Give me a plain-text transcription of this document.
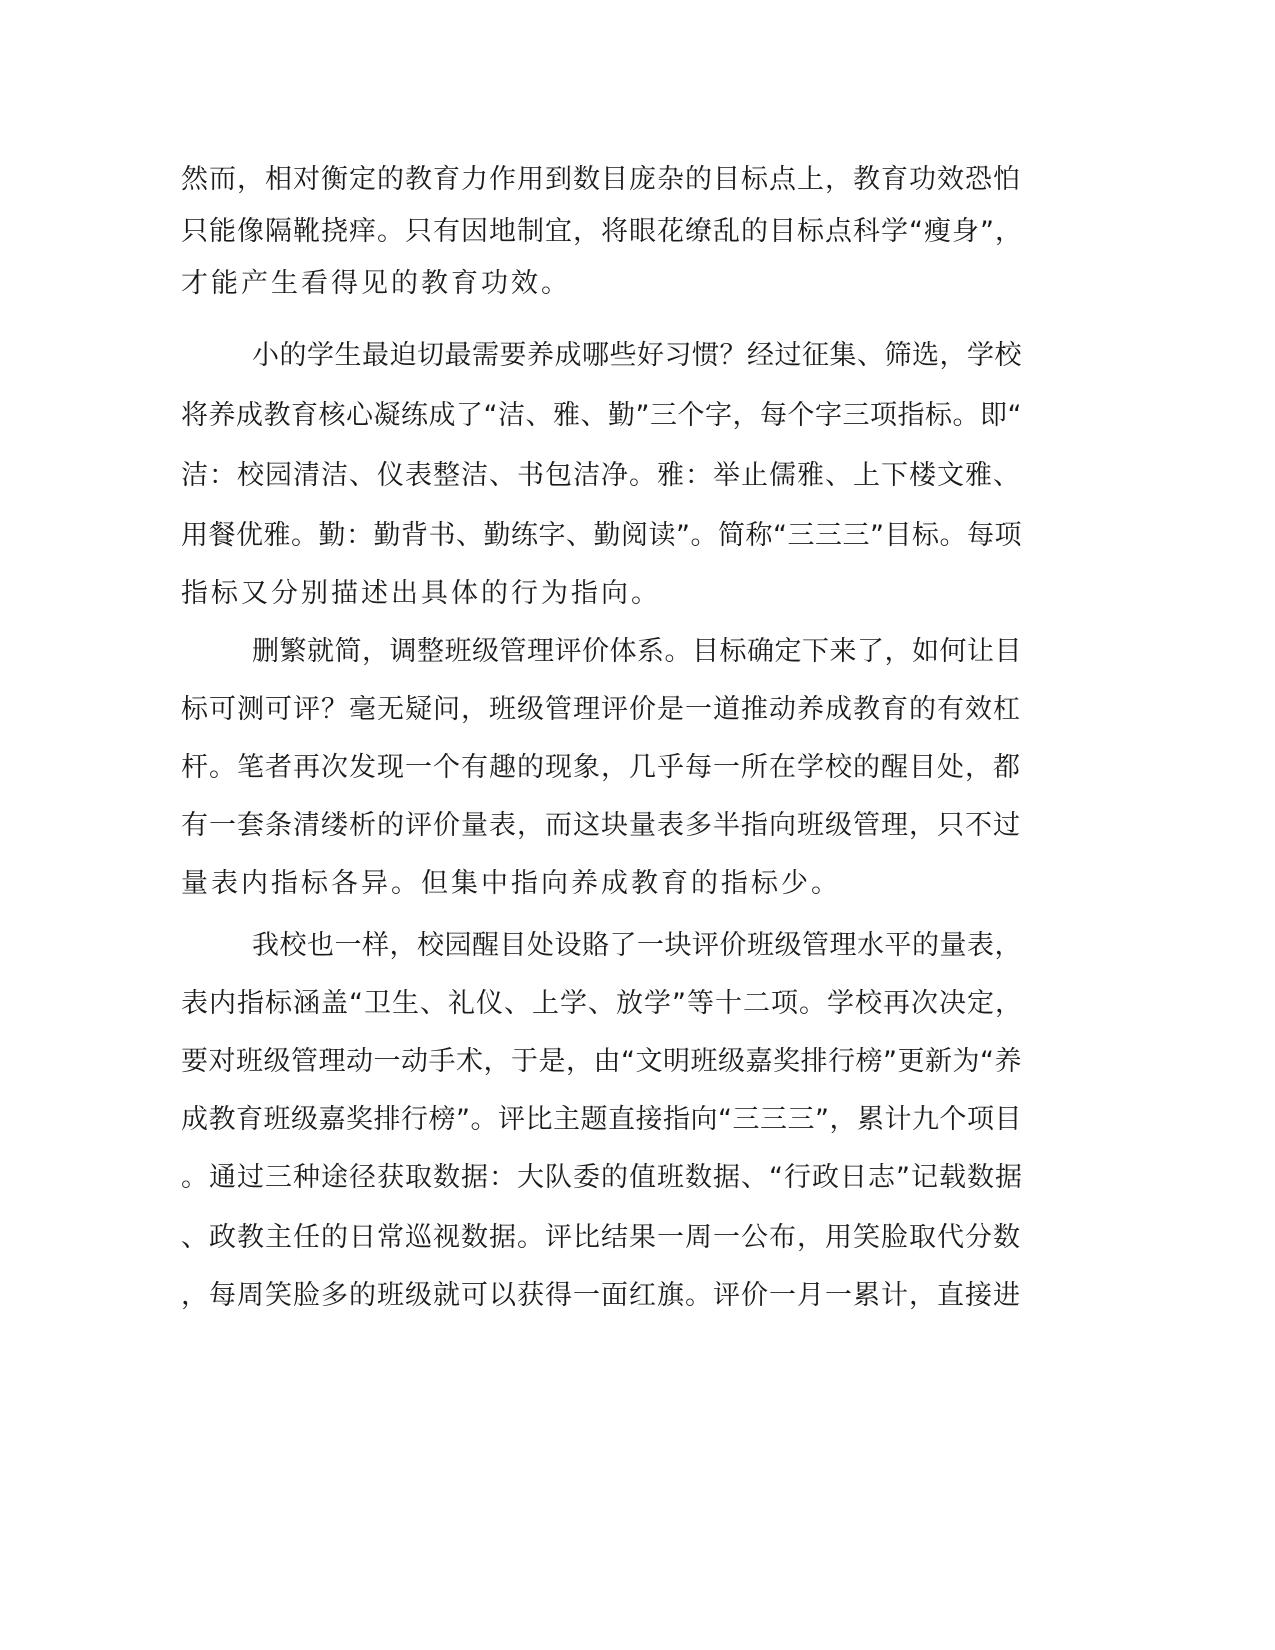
然而，相对衡定的教育力作用到数目庞杂的目标点上，教育功效恐怕
只能像隔靴挠痒。只有因地制宜，将眼花缭乱的目标点科学“瘦身”，
才能产生看得见的教育功效。
小的学生最迫切最需要养成哪些好习惯？经过征集、筛选，学校
将养成教育核心凝练成了“洁、雅、勤”三个字，每个字三项指标。即“
洁：校园清洁、仪表整洁、书包洁净。雅：举止儒雅、上下楼文雅、
用餐优雅。勤：勤背书、勤练字、勤阅读”。简称“三三三”目标。每项
指标又分别描述出具体的行为指向。
删繁就简，调整班级管理评价体系。目标确定下来了，如何让目
标可测可评？毫无疑问，班级管理评价是一道推动养成教育的有效杠
杆。笔者再次发现一个有趣的现象，几乎每一所在学校的醒目处，都
有一套条清缕析的评价量表，而这块量表多半指向班级管理，只不过
量表内指标各异。但集中指向养成教育的指标少。
我校也一样，校园醒目处设賂了一块评价班级管理水平的量表，
表内指标涵盖“卫生、礼仪、上学、放学”等十二项。学校再次决定，
要对班级管理动一动手术，于是，由“文明班级嘉奖排行榜”更新为“养
成教育班级嘉奖排行榜”。评比主题直接指向“三三三”，累计九个项目
。通过三种途径获取数据：大队委的值班数据、“行政日志”记载数据
、政教主任的日常巡视数据。评比结果一周一公布，用笑脸取代分数
，每周笑脸多的班级就可以获得一面红旗。评价一月一累计，直接进
